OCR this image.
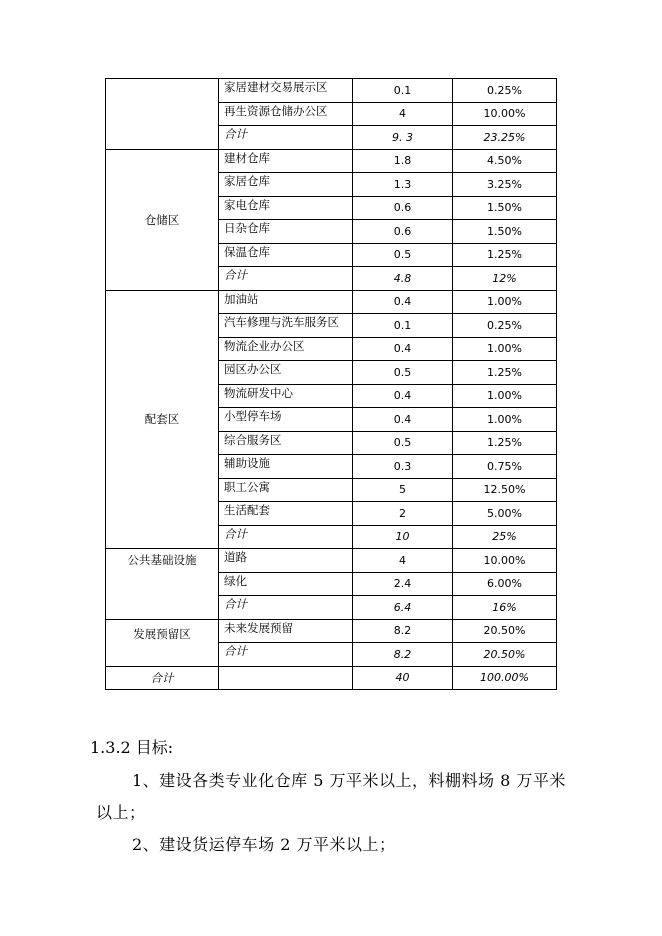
	家居建材交易展示区	0.1	0.25%
	再生资源仓储办公区	4	10.00%
	合计	9. 3	23.25%
仓储区	建材仓库	1.8	4.50%
	家居仓库	1.3	3.25%
	家电仓库	0.6	1.50%
	日杂仓库	0.6	1.50%
	保温仓库	0.5	1.25%
	合计	4.8	12%
配套区	加油站	0.4	1.00%
	汽车修理与洗车服务区	0.1	0.25%
	物流企业办公区	0.4	1.00%
	园区办公区	0.5	1.25%
	物流研发中心	0.4	1.00%
	小型停车场	0.4	1.00%
	综合服务区	0.5	1.25%
	辅助设施	0.3	0.75%
	职工公寓	5	12.50%
	生活配套	2	5.00%
	合计	10	25%
公共基础设施	道路	4	10.00%
	绿化	2.4	6.00%
	合计	6.4	16%
发展预留区	未来发展预留	8.2	20.50%
	合计	8.2	20.50%
合计		40	100.00%
1.3.2 目标:
1、建设各类专业化仓库 5 万平米以上，料棚料场 8 万平米以上；
2、建设货运停车场 2 万平米以上；
